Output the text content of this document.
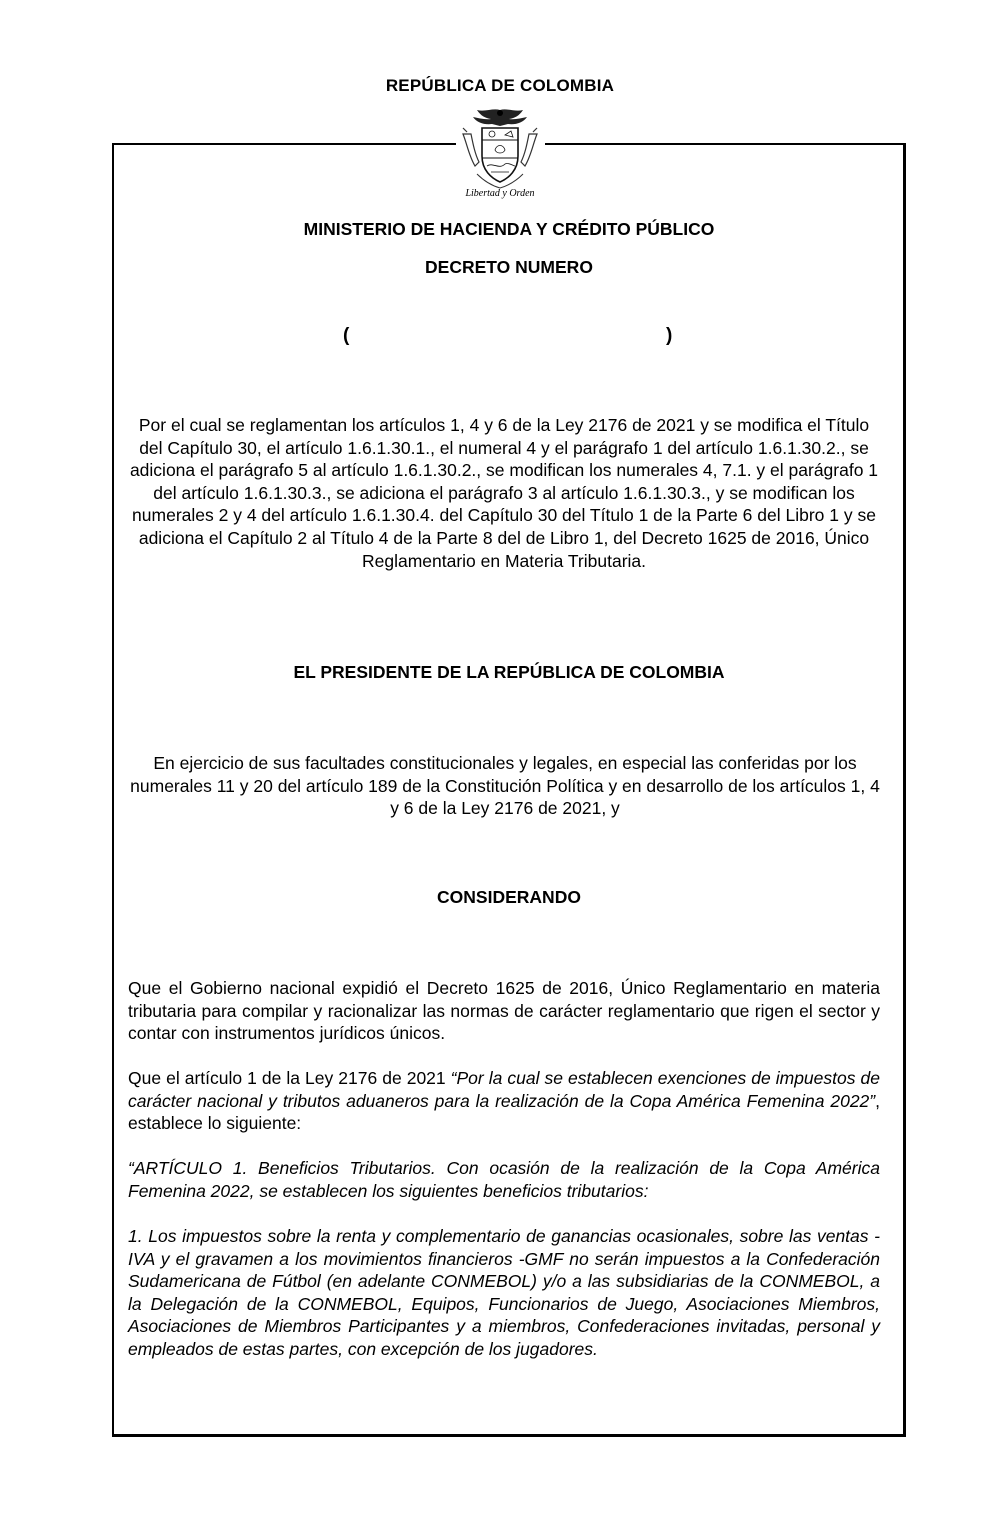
REPÚBLICA DE COLOMBIA
Libertad y Orden
MINISTERIO DE HACIENDA Y CRÉDITO PÚBLICO
DECRETO NUMERO
(	)
Por el cual se reglamentan los artículos 1, 4 y 6 de la Ley 2176 de 2021 y se modifica el Título del Capítulo 30, el artículo 1.6.1.30.1., el numeral 4 y el parágrafo 1 del artículo 1.6.1.30.2., se adiciona el parágrafo 5 al artículo 1.6.1.30.2., se modifican los numerales 4, 7.1. y el parágrafo 1 del artículo 1.6.1.30.3., se adiciona el parágrafo 3 al artículo 1.6.1.30.3., y se modifican los numerales 2 y 4 del artículo 1.6.1.30.4. del Capítulo 30 del Título 1 de la Parte 6 del Libro 1 y se adiciona el Capítulo 2 al Título 4 de la Parte 8 del de Libro 1, del Decreto 1625 de 2016, Único Reglamentario en Materia Tributaria.
EL PRESIDENTE DE LA REPÚBLICA DE COLOMBIA
En ejercicio de sus facultades constitucionales y legales, en especial las conferidas por los numerales 11 y 20 del artículo 189 de la Constitución Política y en desarrollo de los artículos 1, 4 y 6 de la Ley 2176 de 2021, y
CONSIDERANDO

Que el Gobierno nacional expidió el Decreto 1625 de 2016, Único Reglamentario en materia tributaria para compilar y racionalizar las normas de carácter reglamentario que rigen el sector y contar con instrumentos jurídicos únicos.

Que el artículo 1 de la Ley 2176 de 2021 “Por la cual se establecen exenciones de impuestos de carácter nacional y tributos aduaneros para la realización de la Copa América Femenina 2022”, establece lo siguiente:

“ARTÍCULO 1. Beneficios Tributarios. Con ocasión de la realización de la Copa América Femenina 2022, se establecen los siguientes beneficios tributarios:

1. Los impuestos sobre la renta y complementario de ganancias ocasionales, sobre las ventas -IVA y el gravamen a los movimientos financieros -GMF no serán impuestos a la Confederación Sudamericana de Fútbol (en adelante CONMEBOL) y/o a las subsidiarias de la CONMEBOL, a la Delegación de la CONMEBOL, Equipos, Funcionarios de Juego, Asociaciones Miembros, Asociaciones de Miembros Participantes y a miembros, Confederaciones invitadas, personal y empleados de estas partes, con excepción de los jugadores.
